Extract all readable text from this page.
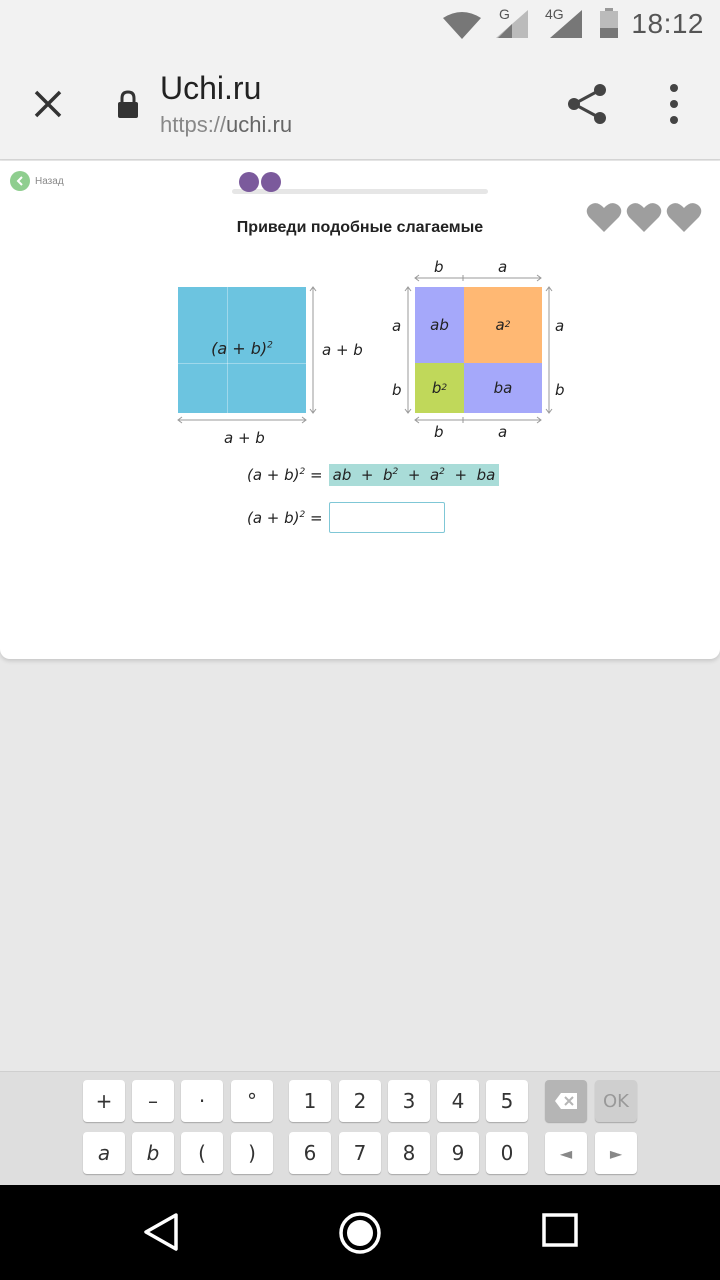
G	4G 18:12
Uchi.ru
https://uchi.ru
Назад
Приведи подобные слагаемые
$(a + b)^2$	a + b
a + b
b	a
a
b
ab	a 2
b 2	ba
a
b
b	a
$(a + b)^2$ = ab + $b^2 + a^2$ + ba
$(a + b)^2$ =
+	–	·	°	1	2	3	4	5	OK
a	b	(	)	6	7	8	9	0	◄	►
